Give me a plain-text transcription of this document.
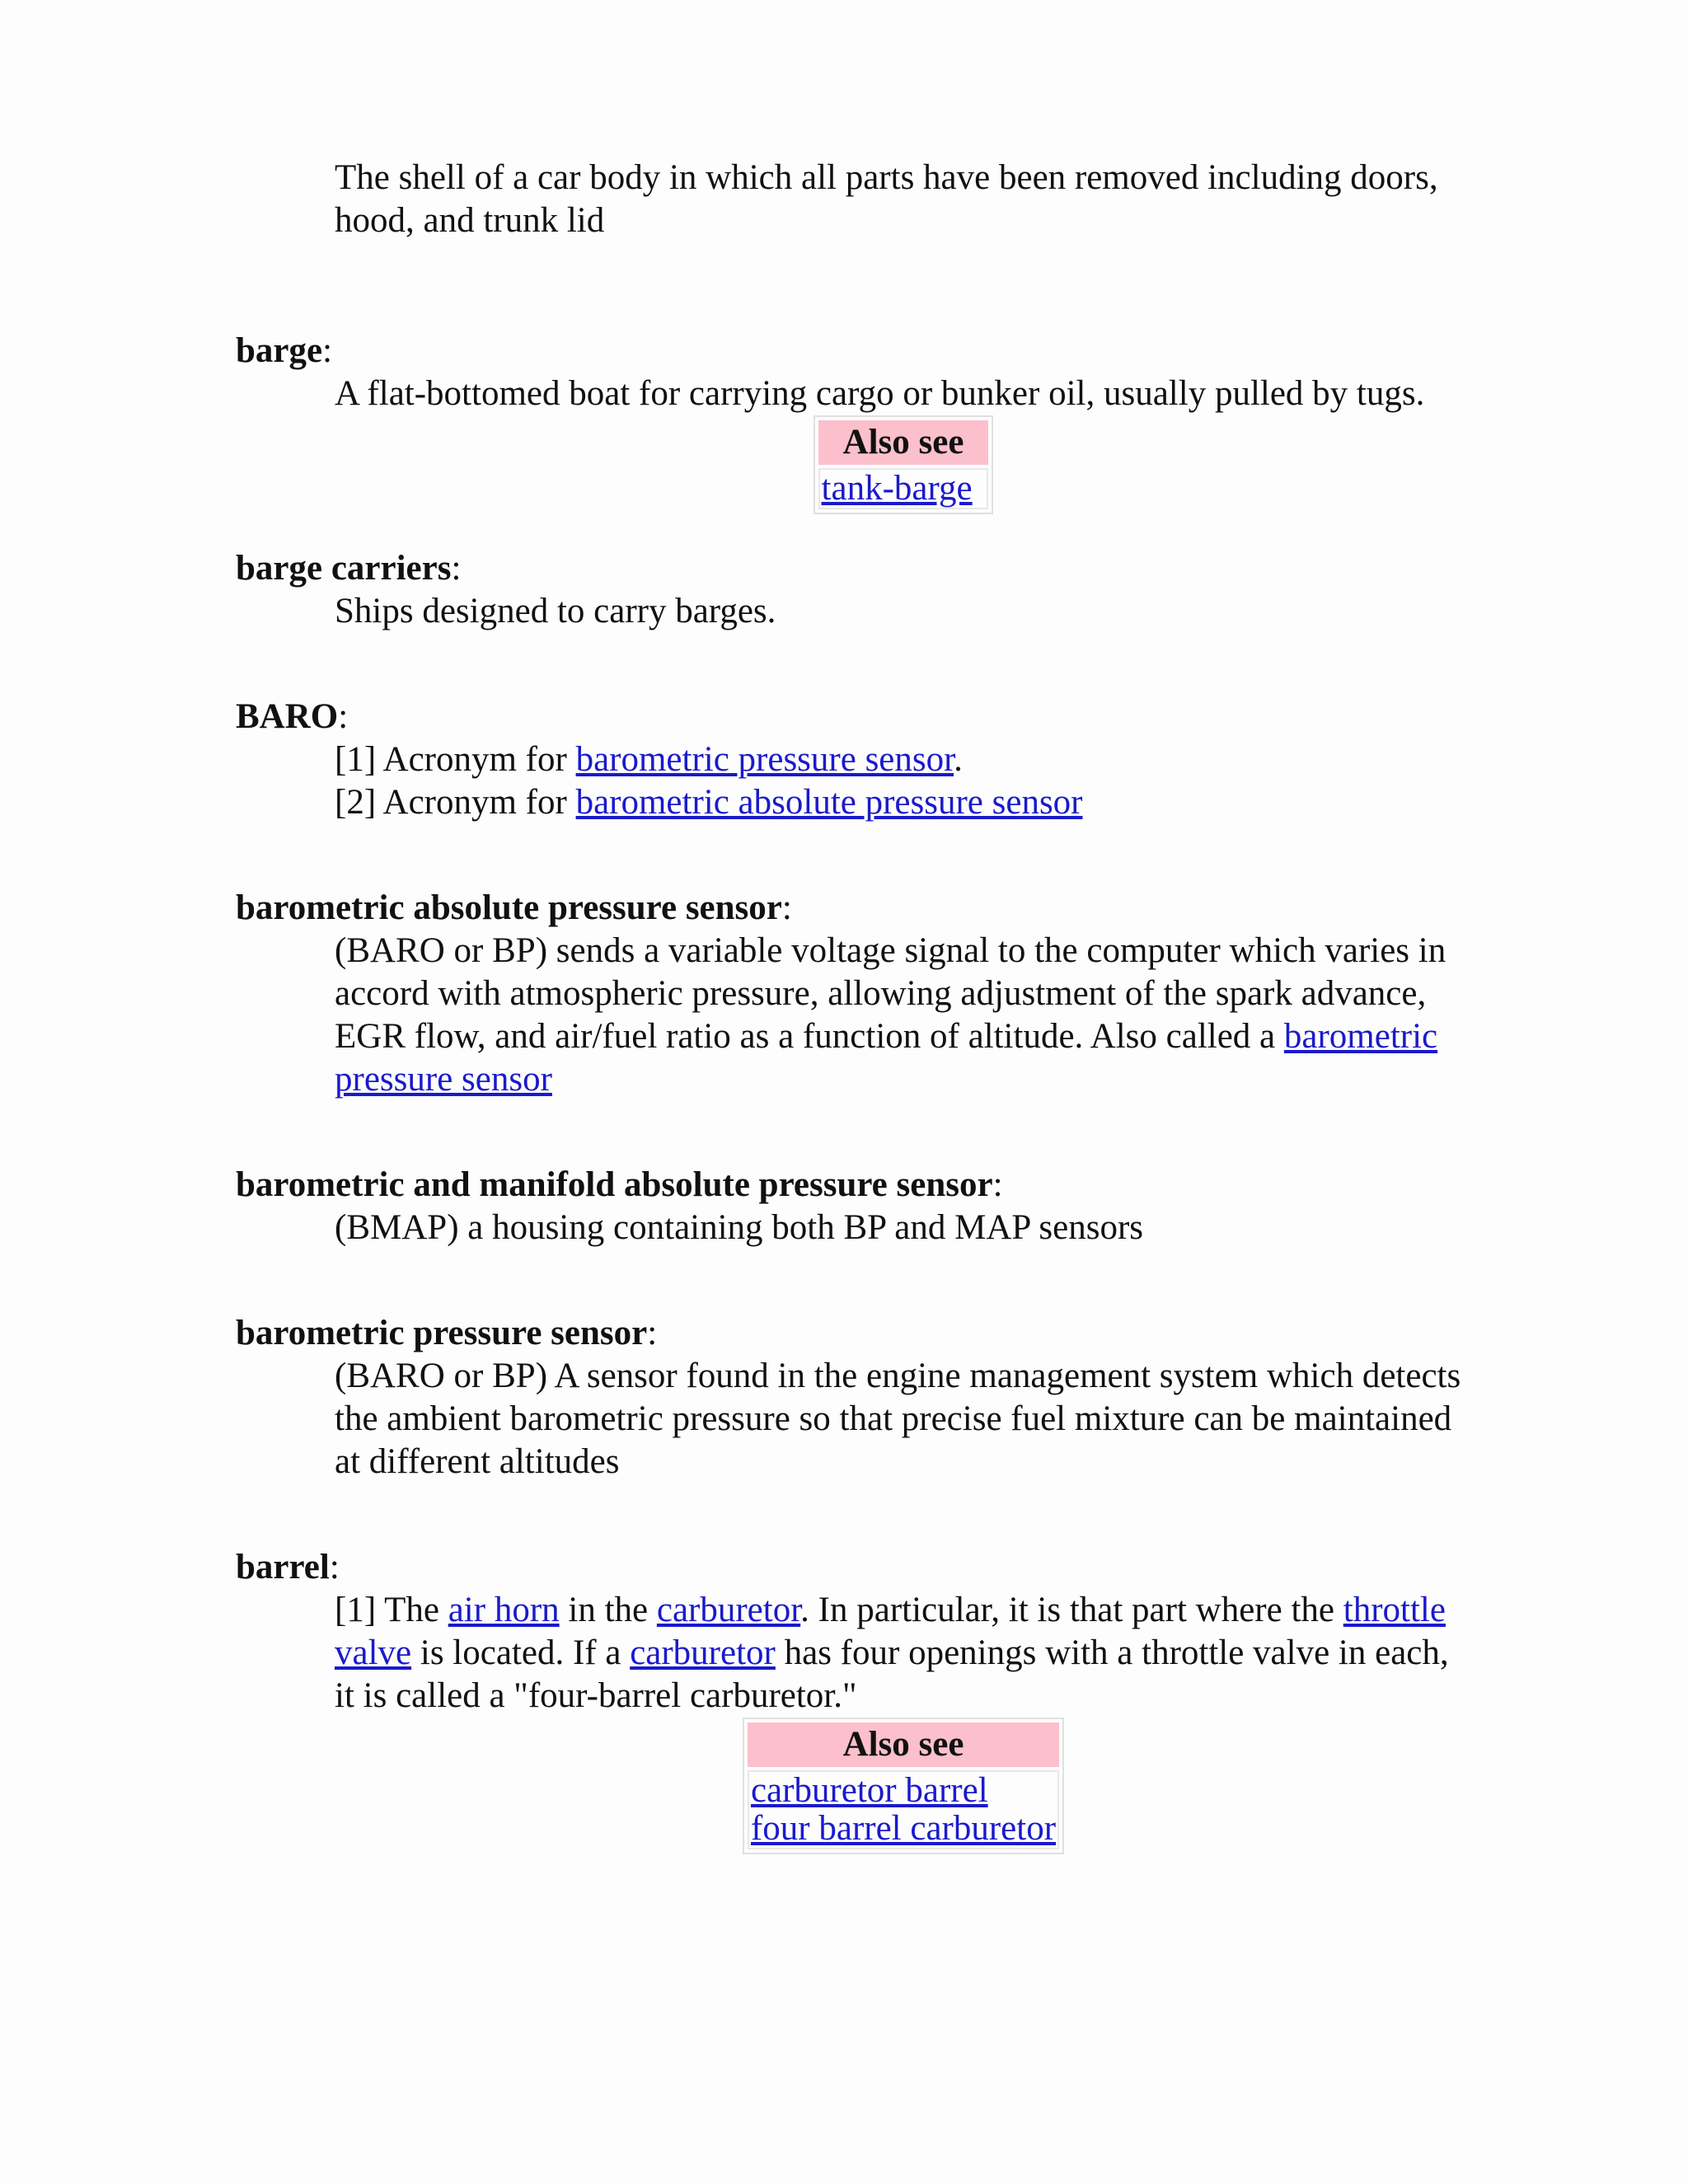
The shell of a car body in which all parts have been removed including doors, hood, and trunk lid
barge:
A flat-bottomed boat for carrying cargo or bunker oil, usually pulled by tugs.
Also see
tank-barge
barge carriers:
Ships designed to carry barges.
BARO:
[1] Acronym for barometric pressure sensor.
[2] Acronym for barometric absolute pressure sensor
barometric absolute pressure sensor:
(BARO or BP) sends a variable voltage signal to the computer which varies in accord with atmospheric pressure, allowing adjustment of the spark advance, EGR flow, and air/fuel ratio as a function of altitude. Also called a barometric pressure sensor
barometric and manifold absolute pressure sensor:
(BMAP) a housing containing both BP and MAP sensors
barometric pressure sensor:
(BARO or BP) A sensor found in the engine management system which detects the ambient barometric pressure so that precise fuel mixture can be maintained at different altitudes
barrel:
[1] The air horn in the carburetor. In particular, it is that part where the throttle valve is located. If a carburetor has four openings with a throttle valve in each, it is called a "four-barrel carburetor."
Also see
carburetor barrel
four barrel carburetor
